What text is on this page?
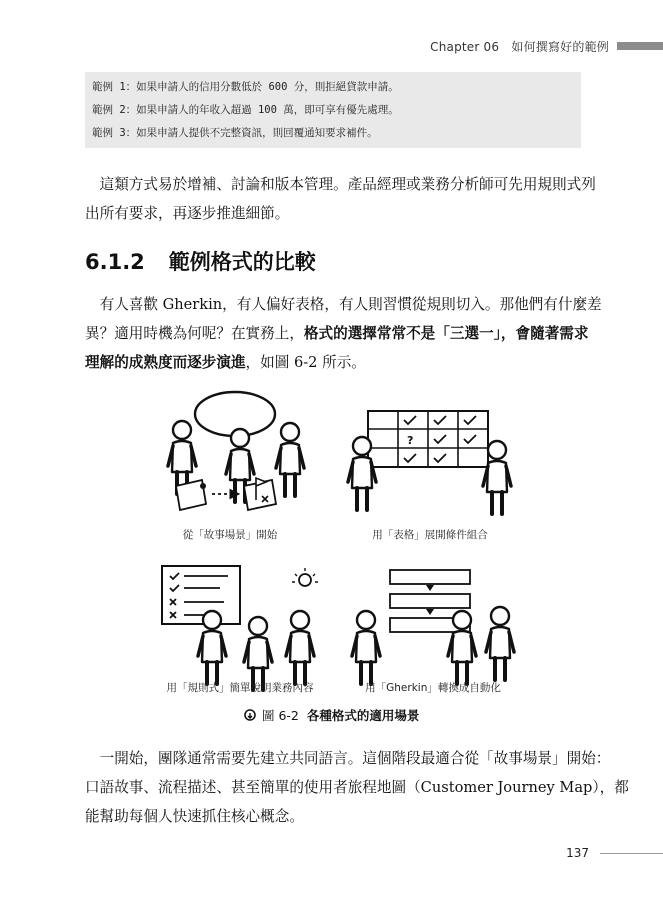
Chapter 06　如何撰寫好的範例
範例 1：如果申請人的信用分數低於 600 分，則拒絕貸款申請。
範例 2：如果申請人的年收入超過 100 萬，即可享有優先處理。
範例 3：如果申請人提供不完整資訊，則回覆通知要求補件。
　這類方式易於增補、討論和版本管理。產品經理或業務分析師可先用規則式列
出所有要求，再逐步推進細節。
6.1.2 範例格式的比較
　有人喜歡 Gherkin，有人偏好表格，有人則習慣從規則切入。那他們有什麼差
異？適用時機為何呢？在實務上，格式的選擇常常不是「三選一」，會隨著需求
理解的成熟度而逐步演進，如圖 6-2 所示。
?
從「故事場景」開始	用「表格」展開條件組合
用「規則式」簡單說明業務內容	用「Gherkin」轉換成自動化
圖 6-2 各種格式的適用場景
　一開始，團隊通常需要先建立共同語言。這個階段最適合從「故事場景」開始：
口語故事、流程描述、甚至簡單的使用者旅程地圖（Customer Journey Map），都
能幫助每個人快速抓住核心概念。
137
